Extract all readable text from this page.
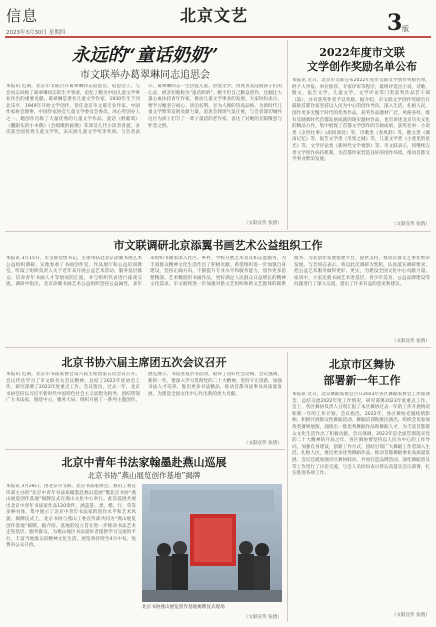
信息	北京文艺
2023年3月30日 星期四	3 版
永远的“童话奶奶”
市文联举办葛翠琳同志追思会
本报讯 近期，北京市文联召开葛翠琳同志追思会。追思会上，与会同志回顾了葛翠琳同志的生平事迹，追忆了她为中国儿童文学事业作出的重要贡献。葛翠琳是著名儿童文学作家，1930年生于河北乐亭，1949年开始文学创作，曾任北京市文联专业作家、中国作家协会理事、中国作家协会儿童文学委员会委员，冰心奖创办人之一。她创作出版了大量优秀的儿童文学作品，童话《野葡萄》《翻跟头的小木偶》《会唱歌的画像》等深受几代小读者喜爱，多次获全国优秀儿童文学奖、宋庆龄儿童文学奖等奖项。与会者表示，葛翠琳同志一生热爱儿童、热爱文学，用真善美浸润孩子们的心灵，被亲切地称为“童话奶奶”。她不但自己勤奋创作，还倾注大量心血扶持青年作家，推动儿童文学事业的发展。大家纷纷表示，要学习她坚守初心、淡泊名利、甘为人梯的崇高品格，为新时代儿童文学繁荣发展贡献力量。追思会现场气氛庄重，与会者深切缅怀这位为孩子们写了一辈子童话的老作家，表达了对她的无限敬意与怀念之情。
（文联宣传 张倩）
2022年度市文联
文学创作奖励名单公布
本报讯 近日，北京市文联公布2022年度市文联文学创作奖励名单。经个人申报、单位推荐、专家评审等程序，最终评选出小说、诗歌、散文、报告文学、儿童文学、文学评论等门类获奖作品若干部（篇），并对获奖作者予以奖励。据介绍，市文联文学创作奖励旨在鼓励首都作家坚持以人民为中心的创作导向，深入生活、扎根人民，创作更多无愧于时代的优秀作品。获奖作品题材广泛、风格多样，既有反映新时代首都发展成就的现实题材作品，也有讲述北京历史文化的精品力作，集中展现了首都文学创作的丰硕成果。获奖名单：小说类《京西往事》《胡同深处》等，诗歌类《春风辞》等，散文类《城南记忆》等，报告文学类《冬奥之城》等，儿童文学类《小巷里的星光》等，文学评论类《新时代文学观察》等。市文联表示，将继续完善文学创作扶持机制，为首都作家营造良好的创作环境，推动首都文学事业繁荣发展。
（文联宣传 张倩）
市文联调研北京添翼书画艺术公益组织工作
本报讯 3月15日，市文联党组书记、主席带队赴北京添翼书画艺术公益组织调研，实地参观了书画创作室、作品展厅和公益培训教室，听取了组织负责人关于近年来开展公益艺术活动、服务基层群众、培养青年书画人才等情况的汇报，并与组织代表进行座谈交流。调研中指出，北京添翼书画艺术公益组织坚持公益属性，多年来组织书画家深入社区、乡村、学校开展艺术普及和志愿服务，为丰富群众精神文化生活作出了积极贡献。希望组织进一步加强自身建设，坚持正确方向，不断提升专业水平和服务能力，创作更多思想精深、艺术精湛的书画作品，更好满足人民群众日益增长的精神文化需求。市文联将进一步加强对新文艺组织和新文艺群体的联系服务，为其创作发展搭建平台、提供支持，推动首都文艺事业繁荣发展。与会同志表示，将以此次调研为契机，认真落实调研要求，把公益艺术服务做得更好、更实，为建设全国文化中心贡献力量。座谈中，大家还就书画艺术进基层、青少年美育、公益品牌建设等问题进行了深入交流，提出了许多有益的意见和建议。
（文联宣传 张倩）
北京书协六届主席团五次会议召开
本报讯 近期，北京市书法家协会第六届主席团第五次会议召开。会议传达学习了市文联有关会议精神，总结了2022年度协会工作，研究部署了2023年度重点工作。会议指出，过去一年，北京书协坚持以习近平新时代中国特色社会主义思想为指导，团结带领广大书法家，围绕中心、服务大局，组织开展了一系列主题创作、展览展示、书法进基层等活动，取得了良好社会反响。会议强调，新的一年，要深入学习贯彻党的二十大精神，坚持守正创新，加强书法人才培养，推出更多书法精品，推动首都书法事业高质量发展，为建设全国文化中心作出新的更大贡献。
（文联宣传 张倩）
北京中青年书法家翰墨赴燕山巡展
北京书协“燕山展览创作基地”揭牌
本报讯 3月28日，由北京市文联、北京书法家协会、燕山工委宣传部主办的“北京中青年书法家翰墨赴燕山巡展”暨北京书协“燕山展览创作基地”揭牌仪式在燕山文化中心举行。此次巡展共展出北京中青年书法家作品120余件，涵盖篆、隶、楷、行、草等多种书体，集中展示了北京中青年书法家的创作水平和艺术风貌。揭牌仪式上，北京书协与燕山工委宣传部共同为“燕山展览创作基地”揭牌。据介绍，基地的设立旨在进一步推动书法艺术走进基层、服务群众，为燕山地区书法爱好者提供学习交流的平台，丰富当地群众的精神文化生活。展览将持续至4月中旬，免费向公众开放。
北京书协燕山展览创作基地揭牌仪式现场
（文联宣传 张倩）
北京市区舞协
部署新一年工作
本报讯 近日，北京舞蹈家协会召开2023年各区舞蹈家协会工作座谈会，总结交流2022年度工作情况，研究部署2023年度重点工作。会上，各区舞协负责人分别汇报了本区舞协过去一年的工作开展情况和新一年的工作计划。会议指出，2022年，各区舞协克服疫情影响，积极开展群众性舞蹈活动、舞蹈培训和惠民演出，组织会员参加各类赛事展演，涌现出一批优秀舞蹈作品和舞蹈人才，为丰富首都群众文化生活作出了积极贡献。会议强调，2023年是全面贯彻落实党的二十大精神的开局之年，各区舞协要坚持以人民为中心的工作导向，加强自身建设，创新工作方式，团结引领广大舞蹈工作者深入生活、扎根人民，推出更多优秀舞蹈作品，推动首都舞蹈事业高质量发展。会议还就加强市区舞协联动、共同打造品牌活动、深化舞蹈普及等工作进行了讨论交流，与会人员纷纷表示将认真落实会议部署，扎实推进各项工作。
（文联宣传 张倩）
